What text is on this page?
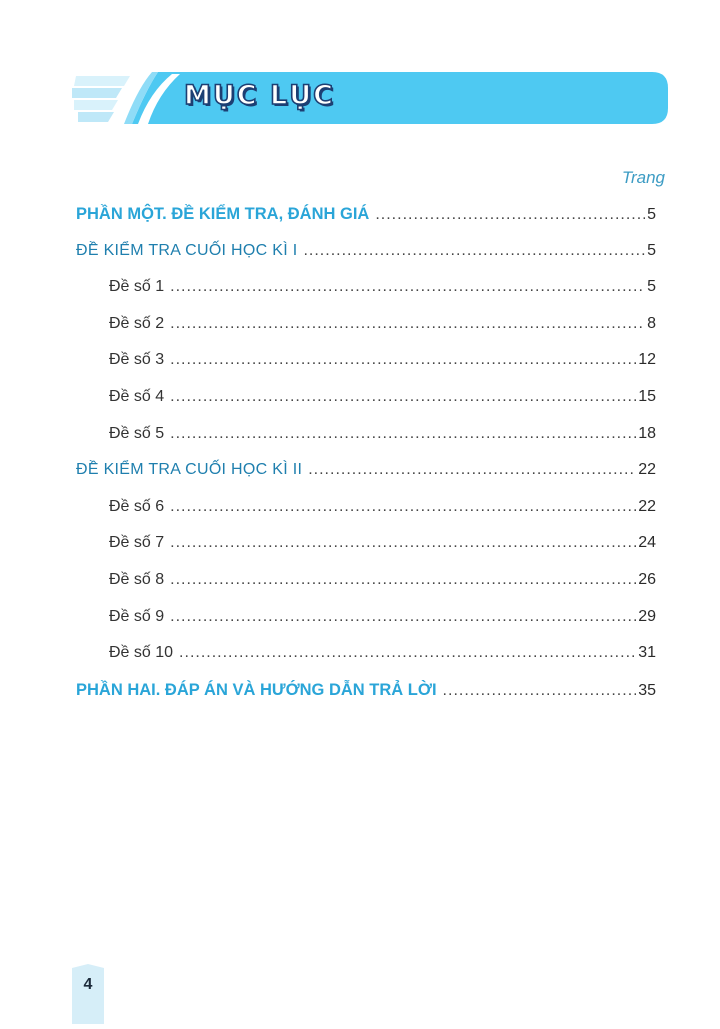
MỤC LỤC
Trang
PHẦN MỘT. ĐỀ KIỂM TRA, ĐÁNH GIÁ .....	5
ĐỀ KIỂM TRA CUỐI HỌC KÌ I .....	5
Đề số 1 .....	5
Đề số 2 .....	8
Đề số 3 .....	12
Đề số 4 .....	15
Đề số 5 .....	18
ĐỀ KIỂM TRA CUỐI HỌC KÌ II .....	22
Đề số 6 .....	22
Đề số 7 .....	24
Đề số 8 .....	26
Đề số 9 .....	29
Đề số 10 .....	31
PHẦN HAI. ĐÁP ÁN VÀ HƯỚNG DẪN TRẢ LỜI .....	35
4
